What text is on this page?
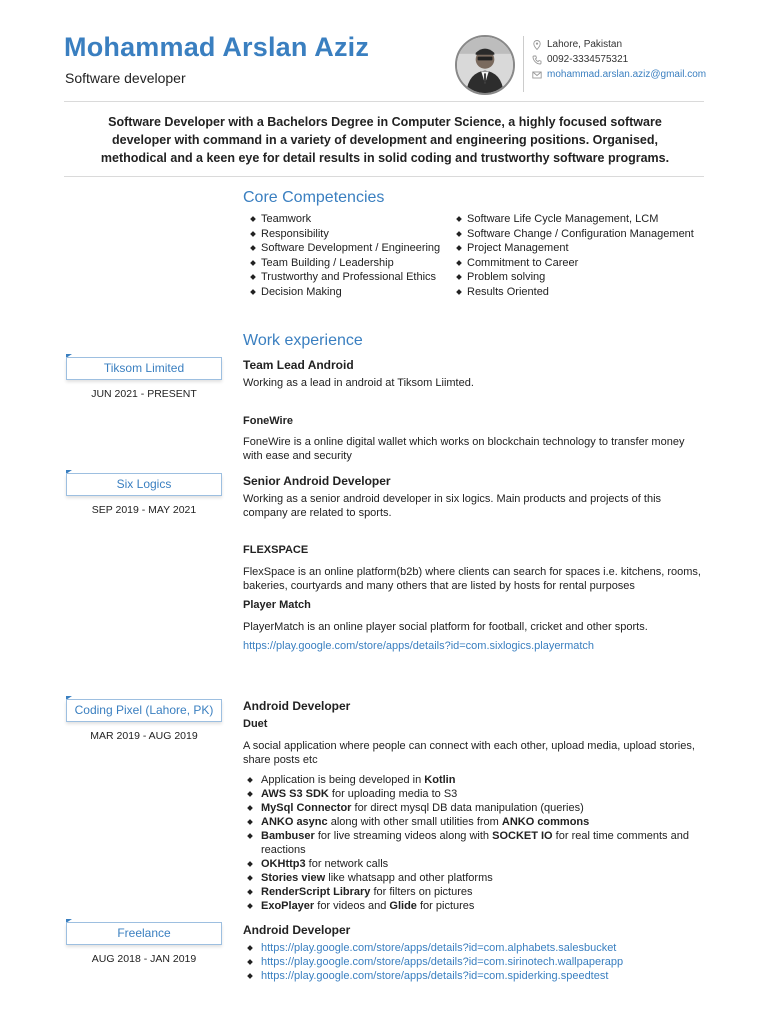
Mohammad Arslan Aziz
Software developer
Lahore, Pakistan
0092-3334575321
mohammad.arslan.aziz@gmail.com
Software Developer with a Bachelors Degree in Computer Science, a highly focused software developer with command in a variety of development and engineering positions. Organised, methodical and a keen eye for detail results in solid coding and trustworthy software programs.
Core Competencies
Teamwork
Responsibility
Software Development / Engineering
Team Building / Leadership
Trustworthy and Professional Ethics
Decision Making
Software Life Cycle Management, LCM
Software Change / Configuration Management
Project Management
Commitment to Career
Problem solving
Results Oriented
Work experience
Tiksom Limited
JUN 2021 - PRESENT
Team Lead Android
Working as a lead in android at Tiksom Liimted.
FoneWire
FoneWire is a online digital wallet which works on blockchain technology to transfer money with ease and security
Six Logics
SEP 2019 - MAY 2021
Senior Android Developer
Working as a senior android developer in six logics. Main products and projects of this company are related to sports.
FLEXSPACE
FlexSpace is an online platform(b2b) where clients can search for spaces i.e. kitchens, rooms, bakeries, courtyards and many others that are listed by hosts for rental purposes
Player Match
PlayerMatch is an online player social platform for football, cricket and other sports.
https://play.google.com/store/apps/details?id=com.sixlogics.playermatch
Coding Pixel (Lahore, PK)
MAR 2019 - AUG 2019
Android Developer
Duet
A social application where people can connect with each other, upload media, upload stories, share posts etc
Application is being developed in Kotlin
AWS S3 SDK for uploading media to S3
MySql Connector for direct mysql DB data manipulation (queries)
ANKO async along with other small utilities from ANKO commons
Bambuser for live streaming videos along with SOCKET IO for real time comments and reactions
OKHttp3 for network calls
Stories view like whatsapp and other platforms
RenderScript Library for filters on pictures
ExoPlayer for videos and Glide for pictures
Freelance
AUG 2018 - JAN 2019
Android Developer
https://play.google.com/store/apps/details?id=com.alphabets.salesbucket
https://play.google.com/store/apps/details?id=com.sirinotech.wallpaperapp
https://play.google.com/store/apps/details?id=com.spiderking.speedtest
